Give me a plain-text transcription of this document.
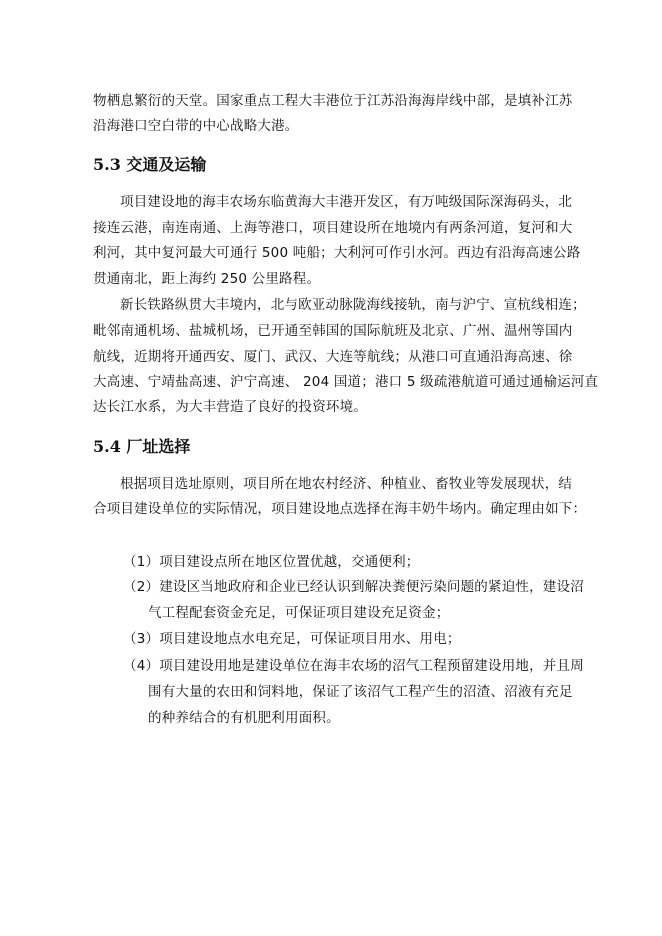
物栖息繁衍的天堂。国家重点工程大丰港位于江苏沿海海岸线中部，是填补江苏
沿海港口空白带的中心战略大港。
5.3 交通及运输
项目建设地的海丰农场东临黄海大丰港开发区，有万吨级国际深海码头，北
接连云港，南连南通、上海等港口，项目建设所在地境内有两条河道，复河和大
利河，其中复河最大可通行 500 吨船；大利河可作引水河。西边有沿海高速公路
贯通南北，距上海约 250 公里路程。
新长铁路纵贯大丰境内，北与欧亚动脉陇海线接轨，南与沪宁、宣杭线相连；
毗邻南通机场、盐城机场，已开通至韩国的国际航班及北京、广州、温州等国内
航线，近期将开通西安、厦门、武汉、大连等航线；从港口可直通沿海高速、徐
大高速、宁靖盐高速、沪宁高速、 204 国道；港口 5 级疏港航道可通过通榆运河直
达长江水系，为大丰营造了良好的投资环境。
5.4 厂址选择
根据项目选址原则，项目所在地农村经济、种植业、畜牧业等发展现状，结
合项目建设单位的实际情况，项目建设地点选择在海丰奶牛场内。确定理由如下：
（1）项目建设点所在地区位置优越，交通便利；
（2）建设区当地政府和企业已经认识到解决粪便污染问题的紧迫性，建设沼
气工程配套资金充足，可保证项目建设充足资金；
（3）项目建设地点水电充足，可保证项目用水、用电；
（4）项目建设用地是建设单位在海丰农场的沼气工程预留建设用地，并且周
围有大量的农田和饲料地，保证了该沼气工程产生的沼渣、沼液有充足
的种养结合的有机肥利用面积。
